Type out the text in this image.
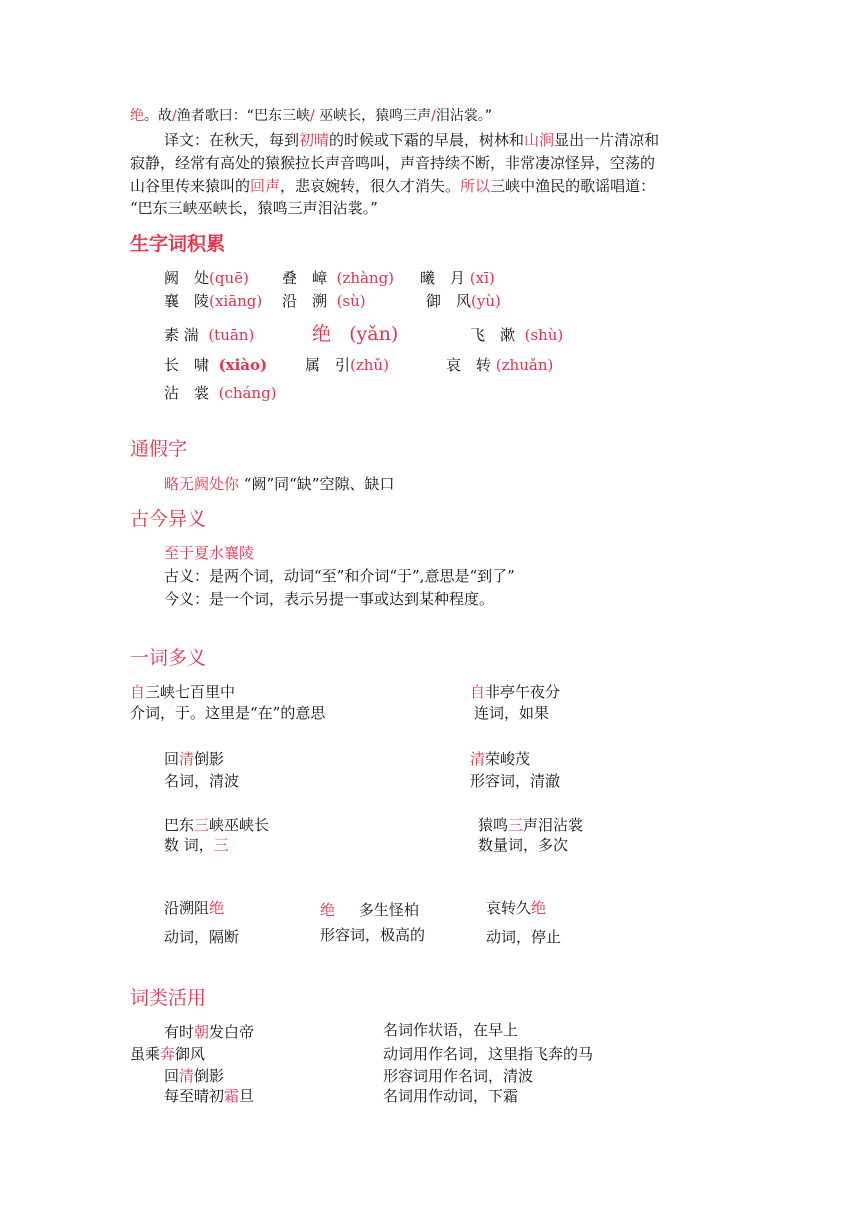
绝。故/渔者歌曰：“巴东三峡/ 巫峡长，猿鸣三声/泪沾裳。”
译文：在秋天，每到初晴的时候或下霜的早晨，树林和山涧显出一片清凉和
寂静，经常有高处的猿猴拉长声音鸣叫，声音持续不断，非常凄凉怪异，空荡的
山谷里传来猿叫的回声，悲哀婉转，很久才消失。所以三峡中渔民的歌谣唱道：
“巴东三峡巫峡长，猿鸣三声泪沾裳。”
生字词积累
阙　处(quē) 叠　嶂 (zhàng) 曦　月 (xī)
襄　陵(xiāng) 沿　溯 (sù)	御　风(yù)
素 湍 (tuān)	绝 (yǎn)	飞　漱 (shù)
长　啸 (xiào)	属　引(zhǔ)	哀　转 (zhuǎn)
沾　裳 (cháng)
通假字
略无阙处你 “阙”同“缺”空隙、缺口
古今异义
至于夏水襄陵
古义：是两个词，动词“至”和介词“于”,意思是“到了”
今义：是一个词，表示另提一事或达到某种程度。
一词多义
自三峡七百里中
介词，于。这里是“在”的意思
自非亭午夜分
连词，如果
回清倒影
名词，清波
清荣峻茂
形容词，清澈
巴东三峡巫峡长
数 词，三
猿鸣三声泪沾裳
数量词，多次
沿溯阻绝
动词，隔断
绝 多生怪柏
形容词，极高的
哀转久绝
动词，停止
词类活用
有时朝发白帝	名词作状语，在早上
虽乘奔御风	动词用作名词，这里指飞奔的马
回清倒影	形容词用作名词，清波
每至晴初霜旦	名词用作动词，下霜
